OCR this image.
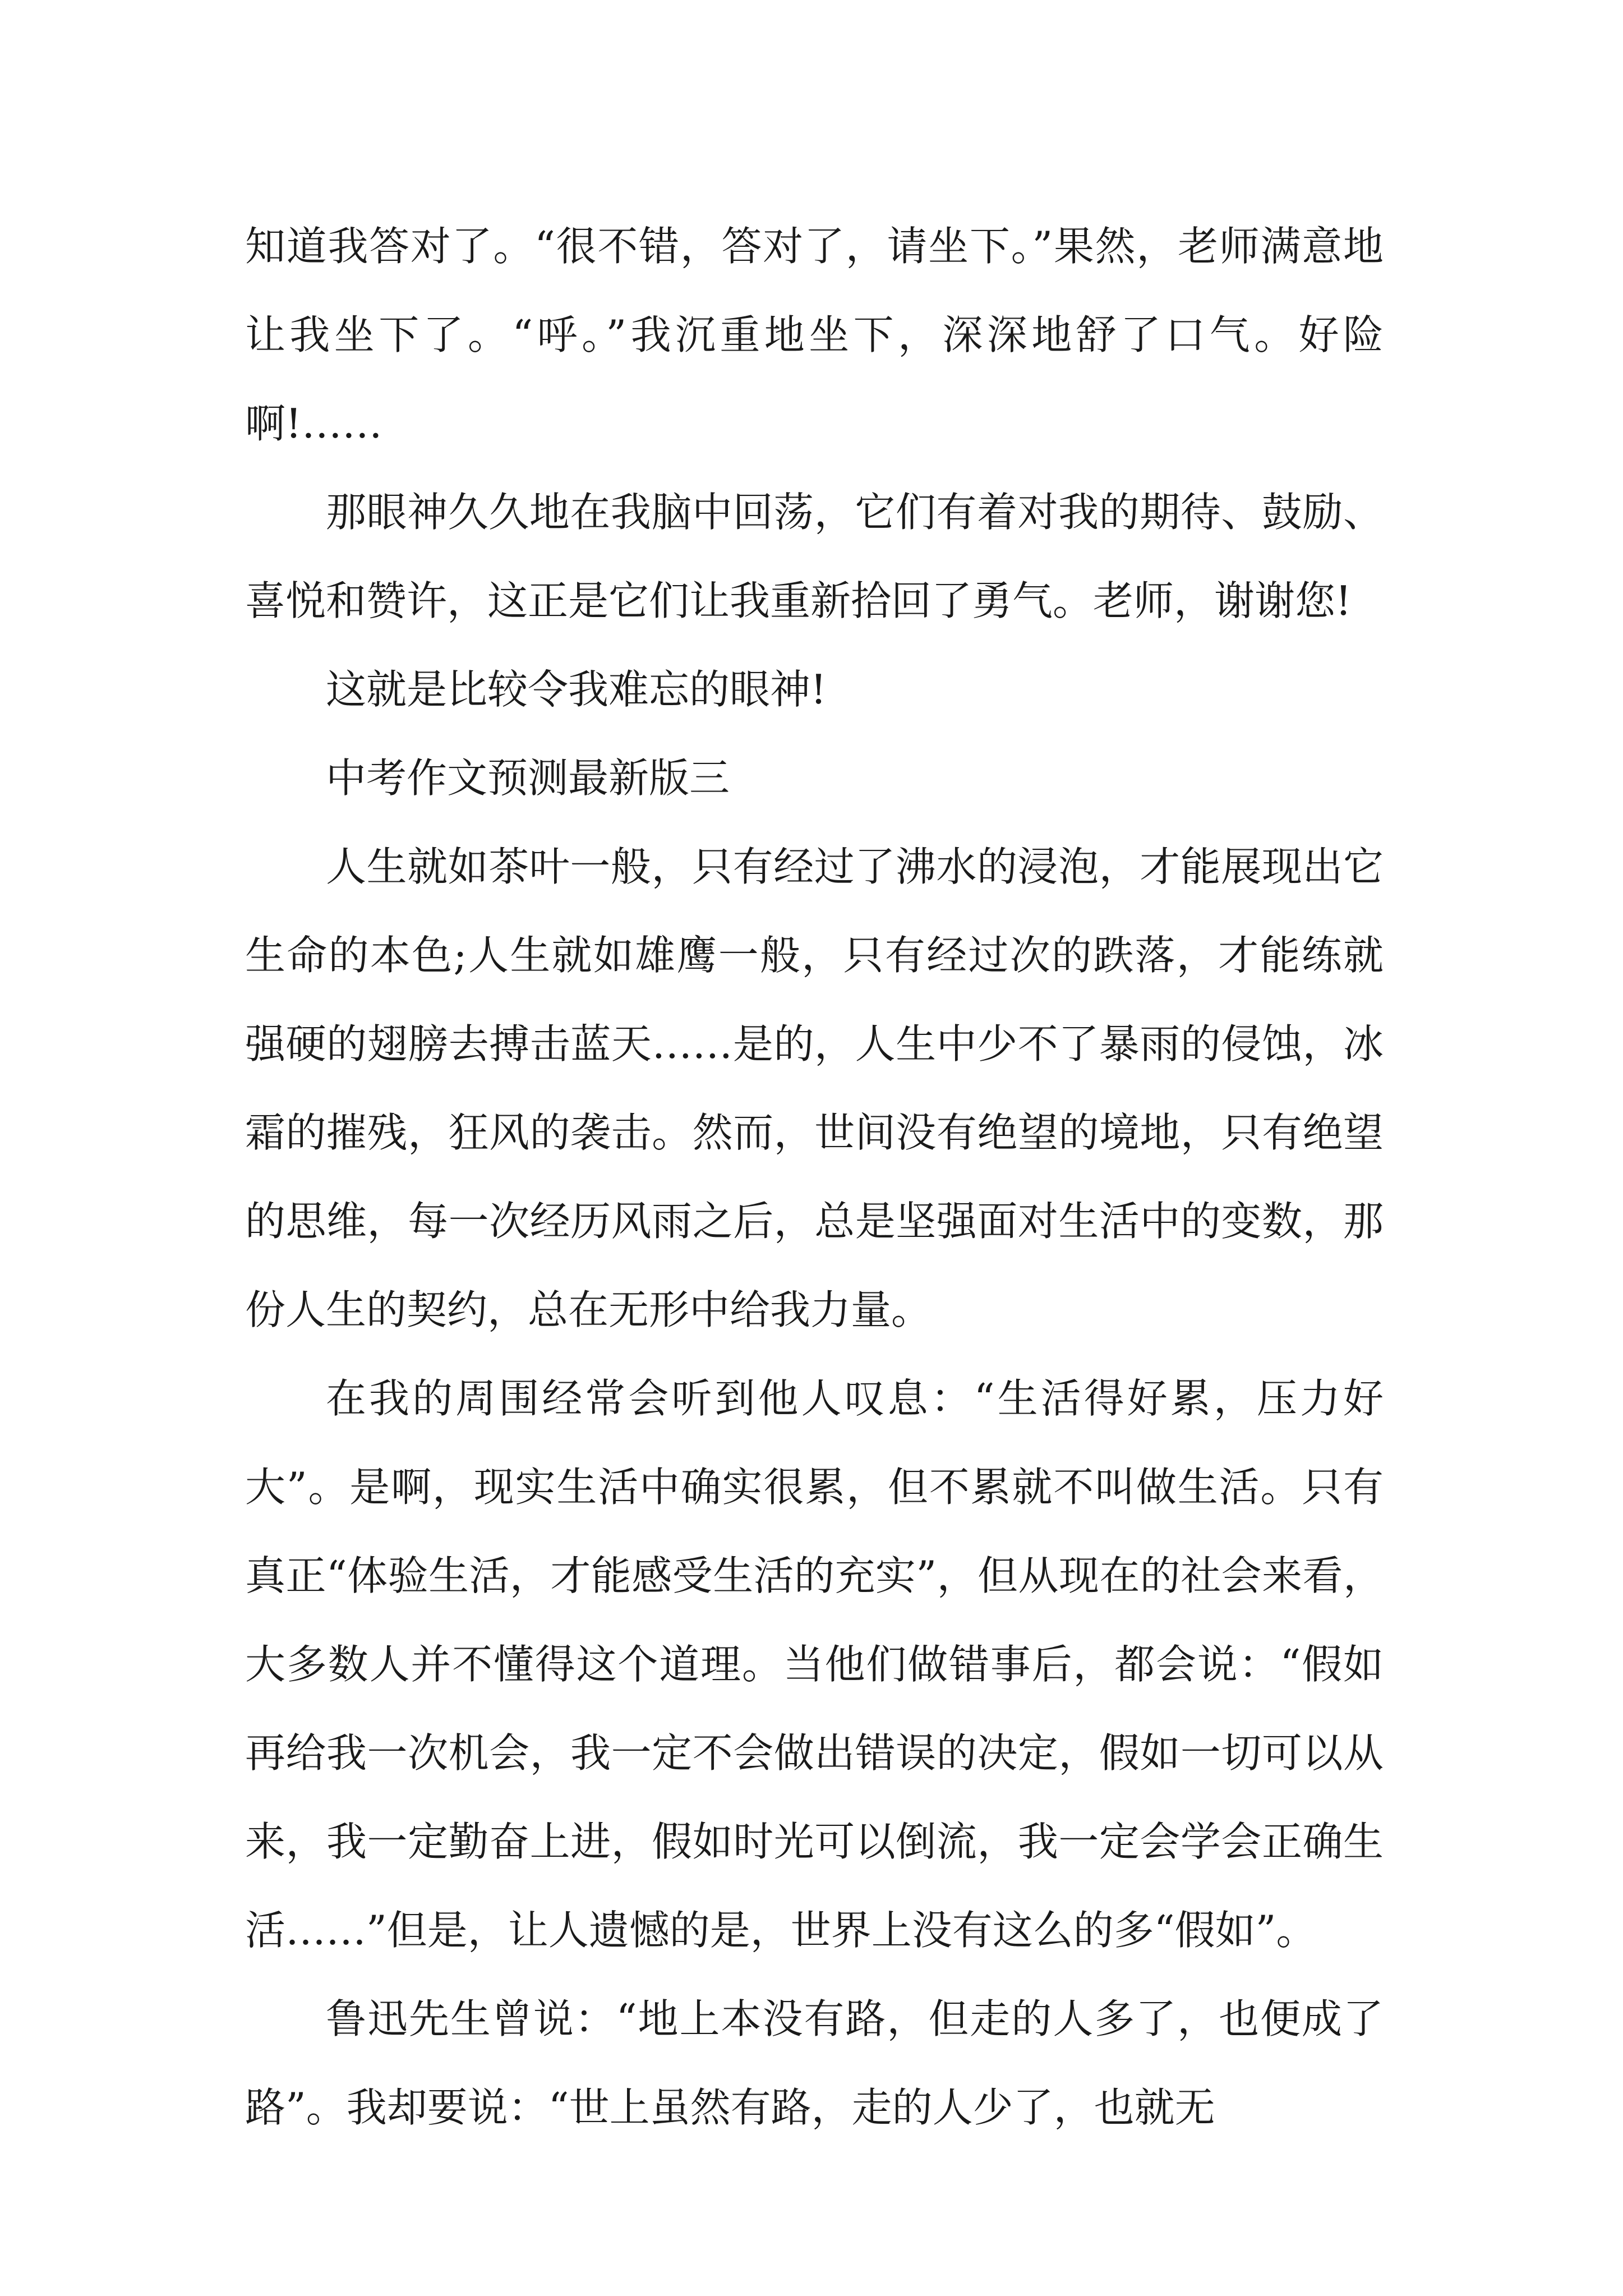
知道我答对了。“很不错，答对了，请坐下。”果然，老师满意地让我坐下了。“呼。”我沉重地坐下，深深地舒了口气。好险啊!……

那眼神久久地在我脑中回荡，它们有着对我的期待、鼓励、喜悦和赞许，这正是它们让我重新拾回了勇气。老师，谢谢您!

这就是比较令我难忘的眼神!

中考作文预测最新版三

人生就如茶叶一般，只有经过了沸水的浸泡，才能展现出它生命的本色;人生就如雄鹰一般，只有经过次的跌落，才能练就强硬的翅膀去搏击蓝天……是的，人生中少不了暴雨的侵蚀，冰霜的摧残，狂风的袭击。然而，世间没有绝望的境地，只有绝望的思维，每一次经历风雨之后，总是坚强面对生活中的变数，那份人生的契约，总在无形中给我力量。

在我的周围经常会听到他人叹息：“生活得好累，压力好大”。是啊，现实生活中确实很累，但不累就不叫做生活。只有真正“体验生活，才能感受生活的充实”，但从现在的社会来看，大多数人并不懂得这个道理。当他们做错事后，都会说：“假如再给我一次机会，我一定不会做出错误的决定，假如一切可以从来，我一定勤奋上进，假如时光可以倒流，我一定会学会正确生活……”但是，让人遗憾的是，世界上没有这么的多“假如”。

鲁迅先生曾说：“地上本没有路，但走的人多了，也便成了路”。我却要说：“世上虽然有路，走的人少了，也就无
